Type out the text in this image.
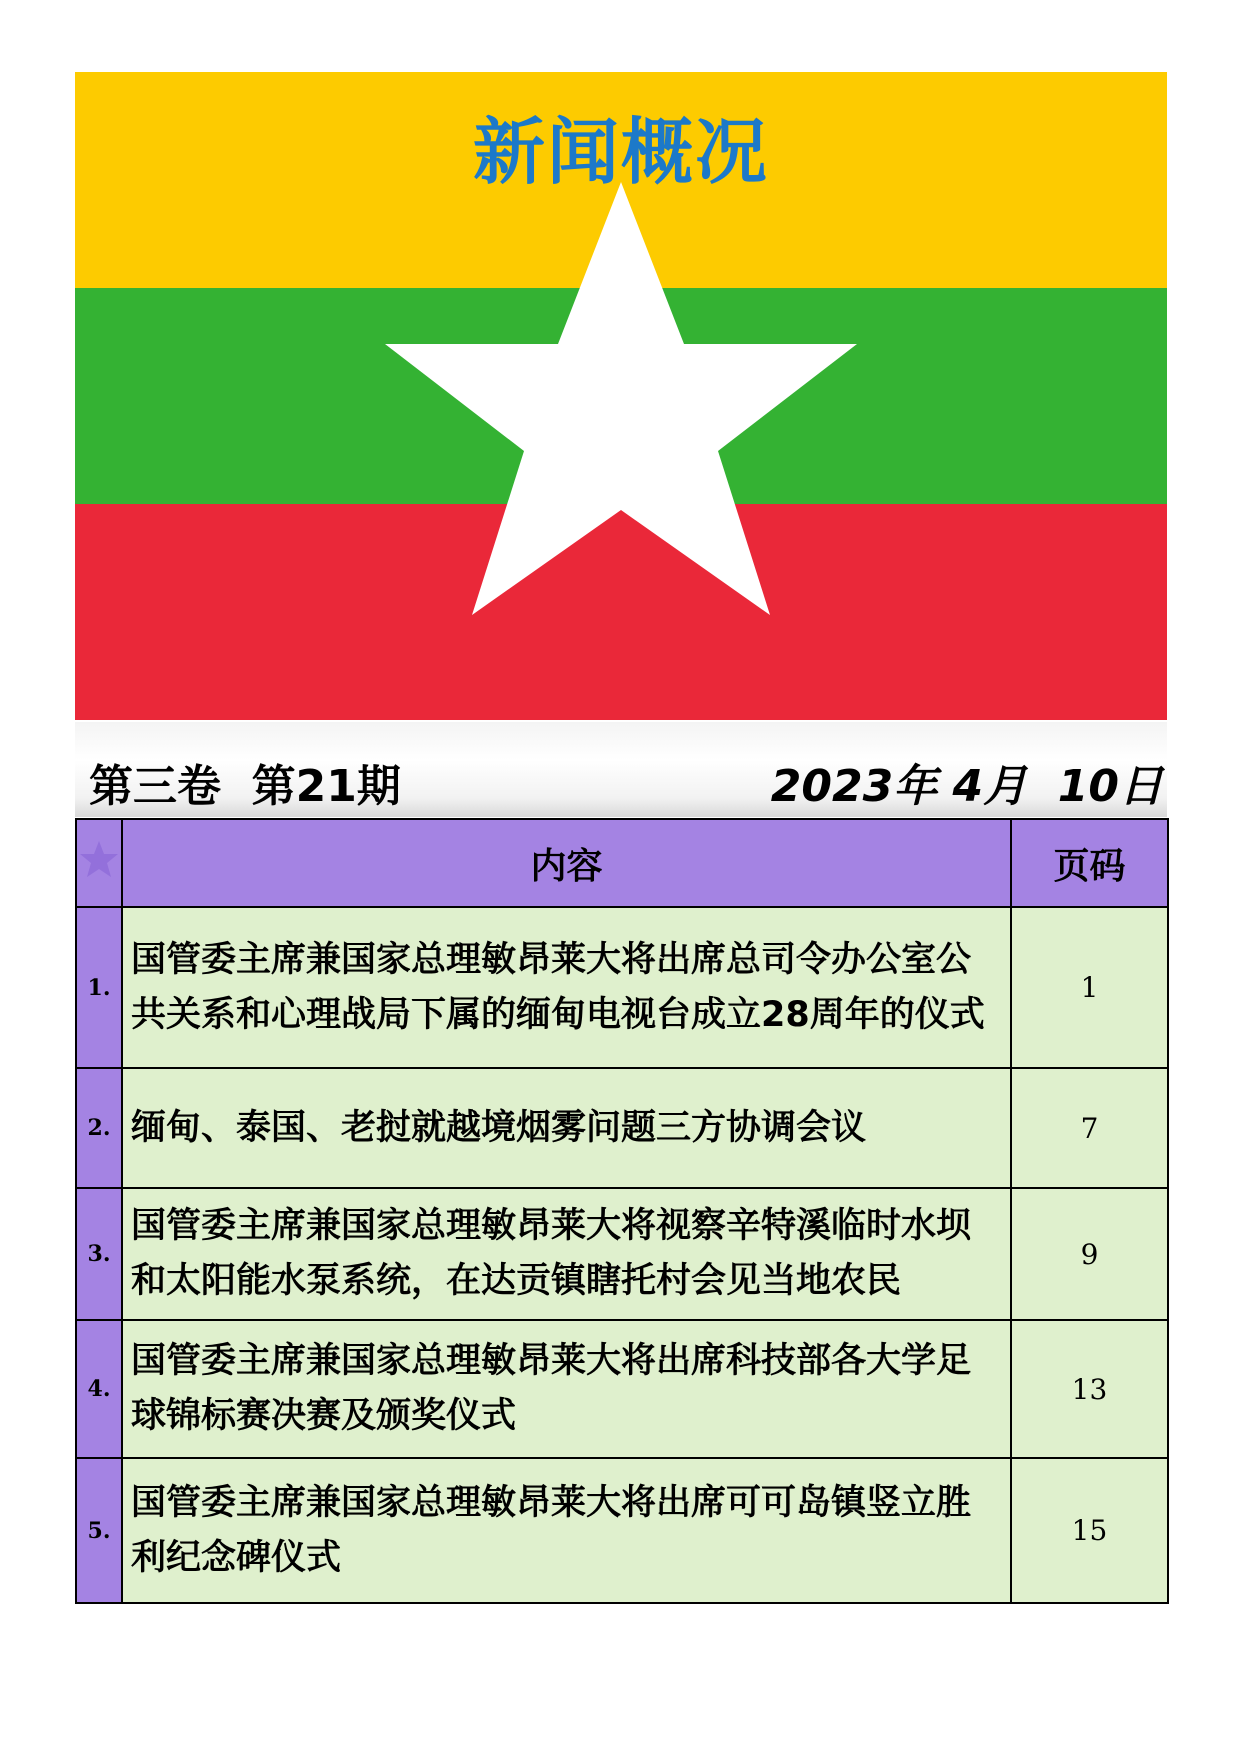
新闻概况
第三卷  第21期	2023年 4月  10日
	内容	页码
1.	国管委主席兼国家总理敏昂莱大将出席总司令办公室公共关系和心理战局下属的缅甸电视台成立28周年的仪式	1
2.	缅甸、泰国、老挝就越境烟雾问题三方协调会议	7
3.	国管委主席兼国家总理敏昂莱大将视察辛特溪临时水坝和太阳能水泵系统，在达贡镇瞎托村会见当地农民	9
4.	国管委主席兼国家总理敏昂莱大将出席科技部各大学足球锦标赛决赛及颁奖仪式	13
5.	国管委主席兼国家总理敏昂莱大将出席可可岛镇竖立胜利纪念碑仪式	15
